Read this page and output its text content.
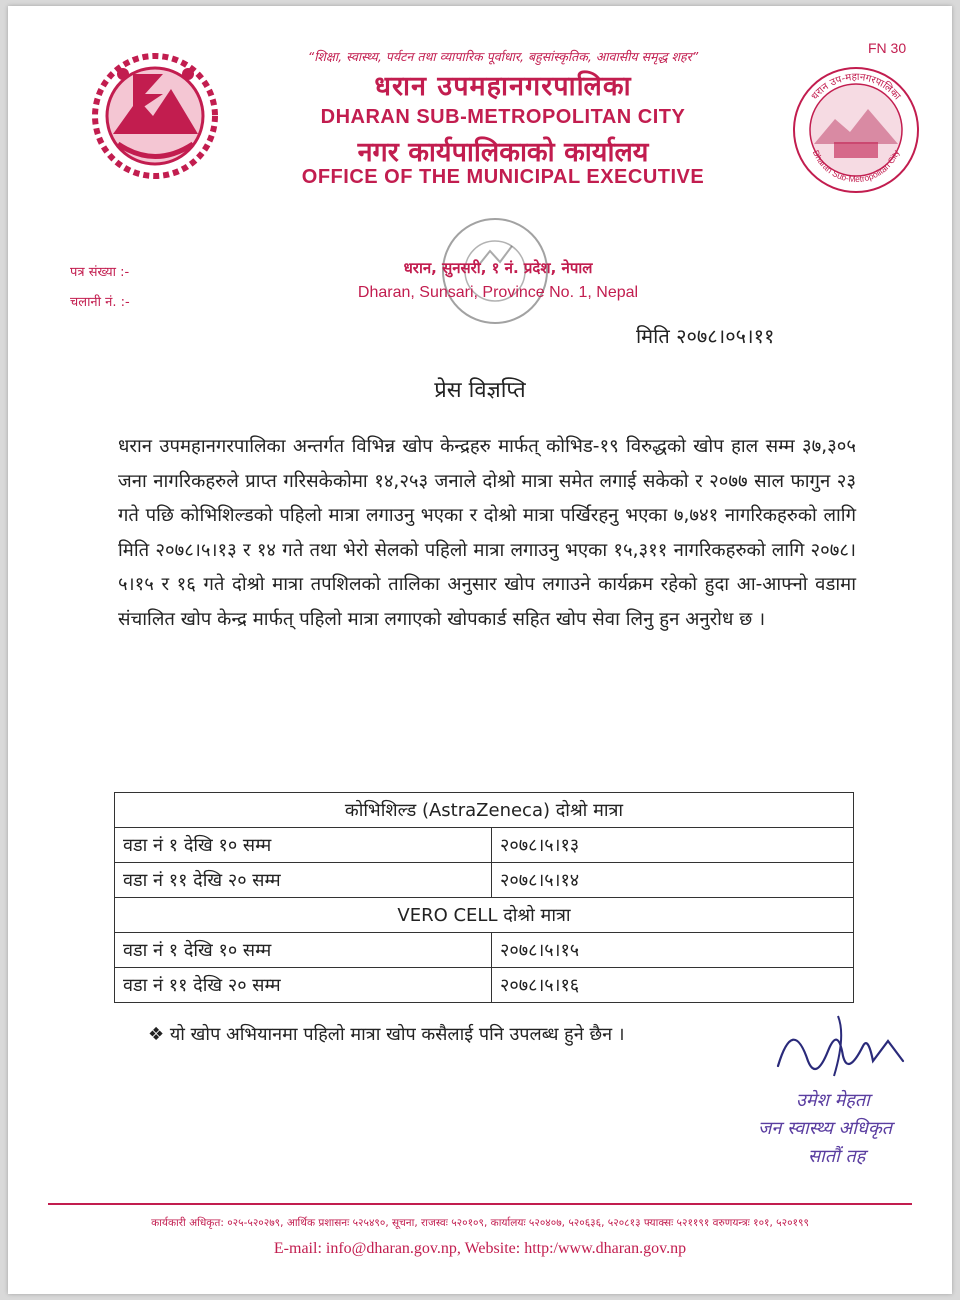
“शिक्षा, स्वास्थ्य, पर्यटन तथा व्यापारिक पूर्वाधार, बहुसांस्कृतिक, आवासीय समृद्ध शहर”
धरान उपमहानगरपालिका
DHARAN SUB-METROPOLITAN CITY
नगर कार्यपालिकाको कार्यालय
OFFICE OF THE MUNICIPAL EXECUTIVE
FN 30
धरान उप-महानगरपालिका
Dharan Sub-Metropolitan City
पत्र संख्या :-
चलानी नं. :-
धरान, सुनसरी, १ नं. प्रदेश, नेपाल
Dharan, Sunsari, Province No. 1, Nepal
मिति २०७८।०५।११
प्रेस विज्ञप्ति
धरान उपमहानगरपालिका अन्तर्गत विभिन्न खोप केन्द्रहरु मार्फत् कोभिड-१९ विरुद्धको खोप हाल सम्म ३७,३०५ जना नागरिकहरुले प्राप्त गरिसकेकोमा १४,२५३ जनाले दोश्रो मात्रा समेत लगाई सकेको र २०७७ साल फागुन २३ गते पछि कोभिशिल्डको पहिलो मात्रा लगाउनु भएका र दोश्रो मात्रा पर्खिरहनु भएका ७,७४१ नागरिकहरुको लागि मिति २०७८।५।१३ र १४ गते तथा भेरो सेलको पहिलो मात्रा लगाउनु भएका १५,३११ नागरिकहरुको लागि २०७८।५।१५ र १६ गते दोश्रो मात्रा तपशिलको तालिका अनुसार खोप लगाउने कार्यक्रम रहेको हुदा आ-आफ्नो वडामा संचालित खोप केन्द्र मार्फत् पहिलो मात्रा लगाएको खोपकार्ड सहित खोप सेवा लिनु हुन अनुरोध छ ।
कोभिशिल्ड (AstraZeneca) दोश्रो मात्रा	
वडा नं १ देखि १० सम्म	२०७८।५।१३
वडा नं ११ देखि २० सम्म	२०७८।५।१४
VERO CELL दोश्रो मात्रा	
वडा नं १ देखि १० सम्म	२०७८।५।१५
वडा नं ११ देखि २० सम्म	२०७८।५।१६
❖ यो खोप अभियानमा पहिलो मात्रा खोप कसैलाई पनि उपलब्ध हुने छैन ।
उमेश मेहता
जन स्वास्थ्य अधिकृत
सातौं तह
कार्यकारी अधिकृत: ०२५-५२०२७९, आर्थिक प्रशासनः ५२५४९०, सूचना, राजस्वः ५२०१०९, कार्यालयः ५२०४०७, ५२०६३६, ५२०८१३ फ्याक्सः ५२११९१ वरुणयन्त्रः १०१, ५२०१९९
E-mail: info@dharan.gov.np, Website: http:/www.dharan.gov.np
